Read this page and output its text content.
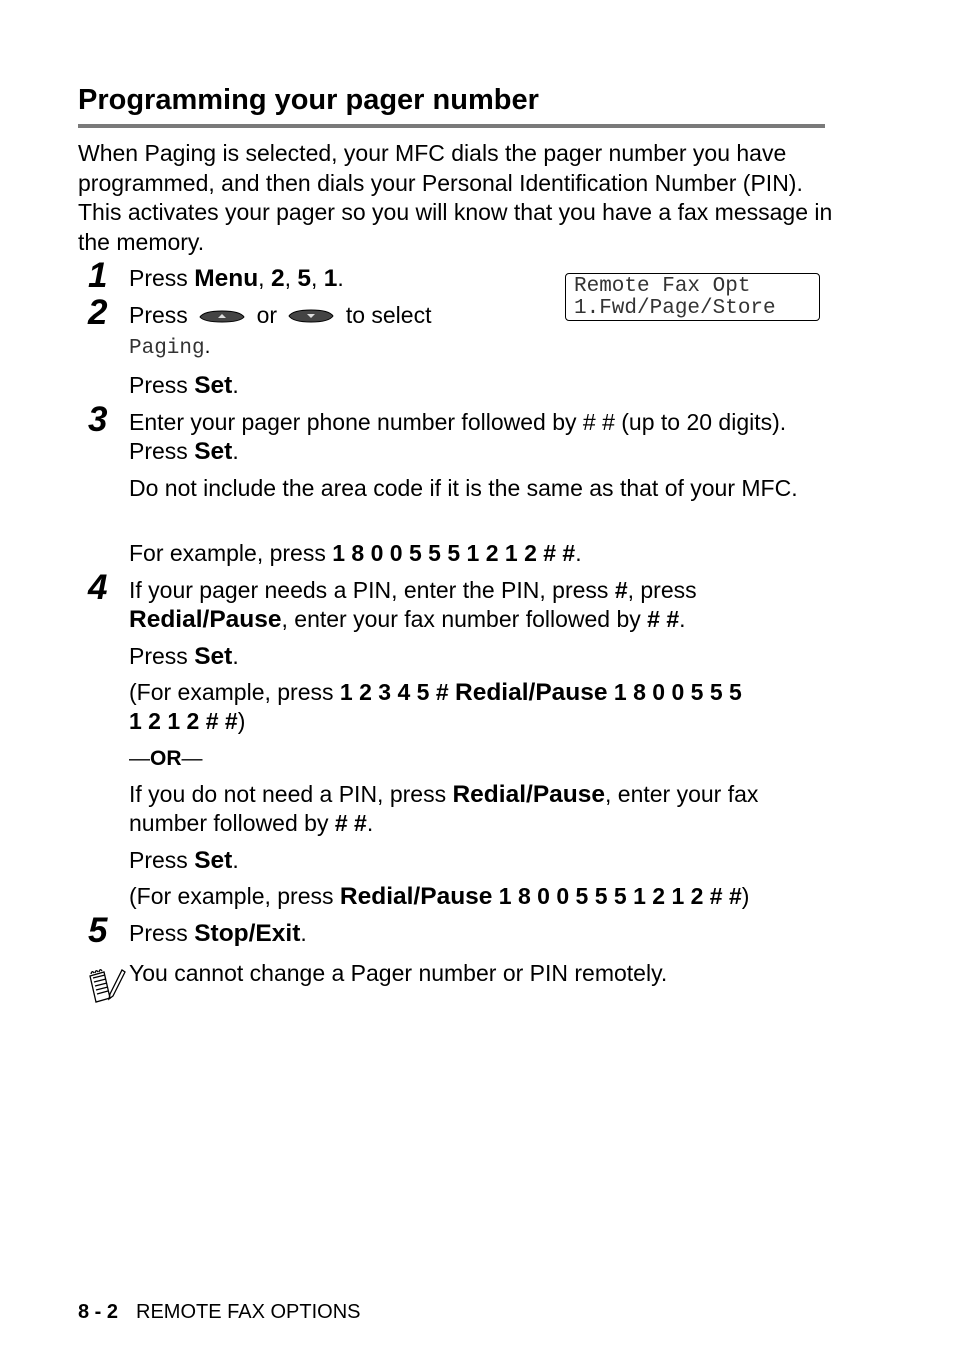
Programming your pager number
When Paging is selected, your MFC dials the pager number you have programmed, and then dials your Personal Identification Number (PIN). This activates your pager so you will know that you have a fax message in the memory.
Remote Fax Opt
1.Fwd/Page/Store
1 Press Menu, 2, 5, 1.
2 Press	or	to select
Paging.
Press Set.
3 Enter your pager phone number followed by # # (up to 20 digits).
Press Set.
Do not include the area code if it is the same as that of your MFC.
For example, press 1 8 0 0 5 5 5 1 2 1 2 # #.
4 If your pager needs a PIN, enter the PIN, press #, press
Redial/Pause, enter your fax number followed by # #.
Press Set.
(For example, press 1 2 3 4 5 # Redial/Pause 1 8 0 0 5 5 5
1 2 1 2 # #)
—OR—
If you do not need a PIN, press Redial/Pause, enter your fax
number followed by # #.
Press Set.
(For example, press Redial/Pause 1 8 0 0 5 5 5 1 2 1 2 # #)
5 Press Stop/Exit.
You cannot change a Pager number or PIN remotely.
8 - 2 REMOTE FAX OPTIONS
